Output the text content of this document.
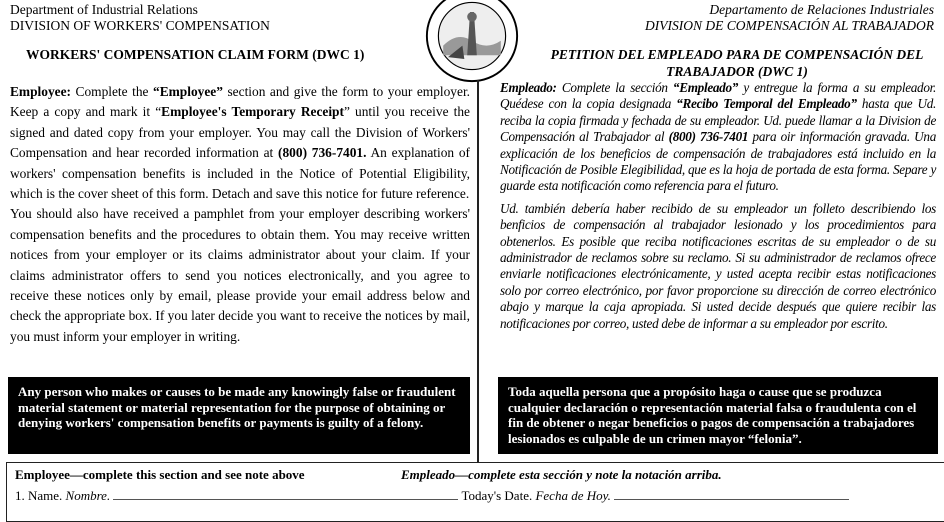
Department of Industrial Relations
DIVISION OF WORKERS' COMPENSATION
Departamento de Relaciones Industriales
DIVISION DE COMPENSACIÓN AL TRABAJADOR
WORKERS' COMPENSATION CLAIM FORM (DWC 1)	PETITION DEL EMPLEADO PARA DE COMPENSACIÓN DEL TRABAJADOR (DWC 1)
Employee: Complete the “Employee” section and give the form to your employer. Keep a copy and mark it “Employee's Temporary Receipt” until you receive the signed and dated copy from your employer. You may call the Division of Workers' Compensation and hear recorded information at (800) 736-7401. An explanation of workers' compensation benefits is included in the Notice of Potential Eligibility, which is the cover sheet of this form. Detach and save this notice for future reference.
You should also have received a pamphlet from your employer describing workers' compensation benefits and the procedures to obtain them. You may receive written notices from your employer or its claims administrator about your claim. If your claims administrator offers to send you notices electronically, and you agree to receive these notices only by email, please provide your email address below and check the appropriate box. If you later decide you want to receive the notices by mail, you must inform your employer in writing.
Empleado: Complete la sección “Empleado” y entregue la forma a su empleador. Quédese con la copia designada “Recibo Temporal del Empleado” hasta que Ud. reciba la copia firmada y fechada de su empleador. Ud. puede llamar a la Division de Compensación al Trabajador al (800) 736-7401 para oir información gravada. Una explicación de los beneficios de compensación de trabajadores está incluido en la Notificación de Posible Elegibilidad, que es la hoja de portada de esta forma. Separe y guarde esta notificación como referencia para el futuro.
Ud. también debería haber recibido de su empleador un folleto describiendo los benficios de compensación al trabajador lesionado y los procedimientos para obtenerlos. Es posible que reciba notificaciones escritas de su empleador o de su administrador de reclamos sobre su reclamo. Si su administrador de reclamos ofrece enviarle notificaciones electrónicamente, y usted acepta recibir estas notificaciones solo por correo electrónico, por favor proporcione su dirección de correo electrónico abajo y marque la caja apropiada. Si usted decide después que quiere recibir las notificaciones por correo, usted debe de informar a su empleador por escrito.
Any person who makes or causes to be made any knowingly false or fraudulent material statement or material representation for the purpose of obtaining or denying workers' compensation benefits or payments is guilty of a felony.
Toda aquella persona que a propósito haga o cause que se produzca cualquier declaración o representación material falsa o fraudulenta con el fin de obtener o negar beneficios o pagos de compensación a trabajadores lesionados es culpable de un crimen mayor “felonia”.
Employee—complete this section and see note above	Empleado—complete esta sección y note la notación arriba.
1. Name. Nombre.	Today's Date. Fecha de Hoy.
